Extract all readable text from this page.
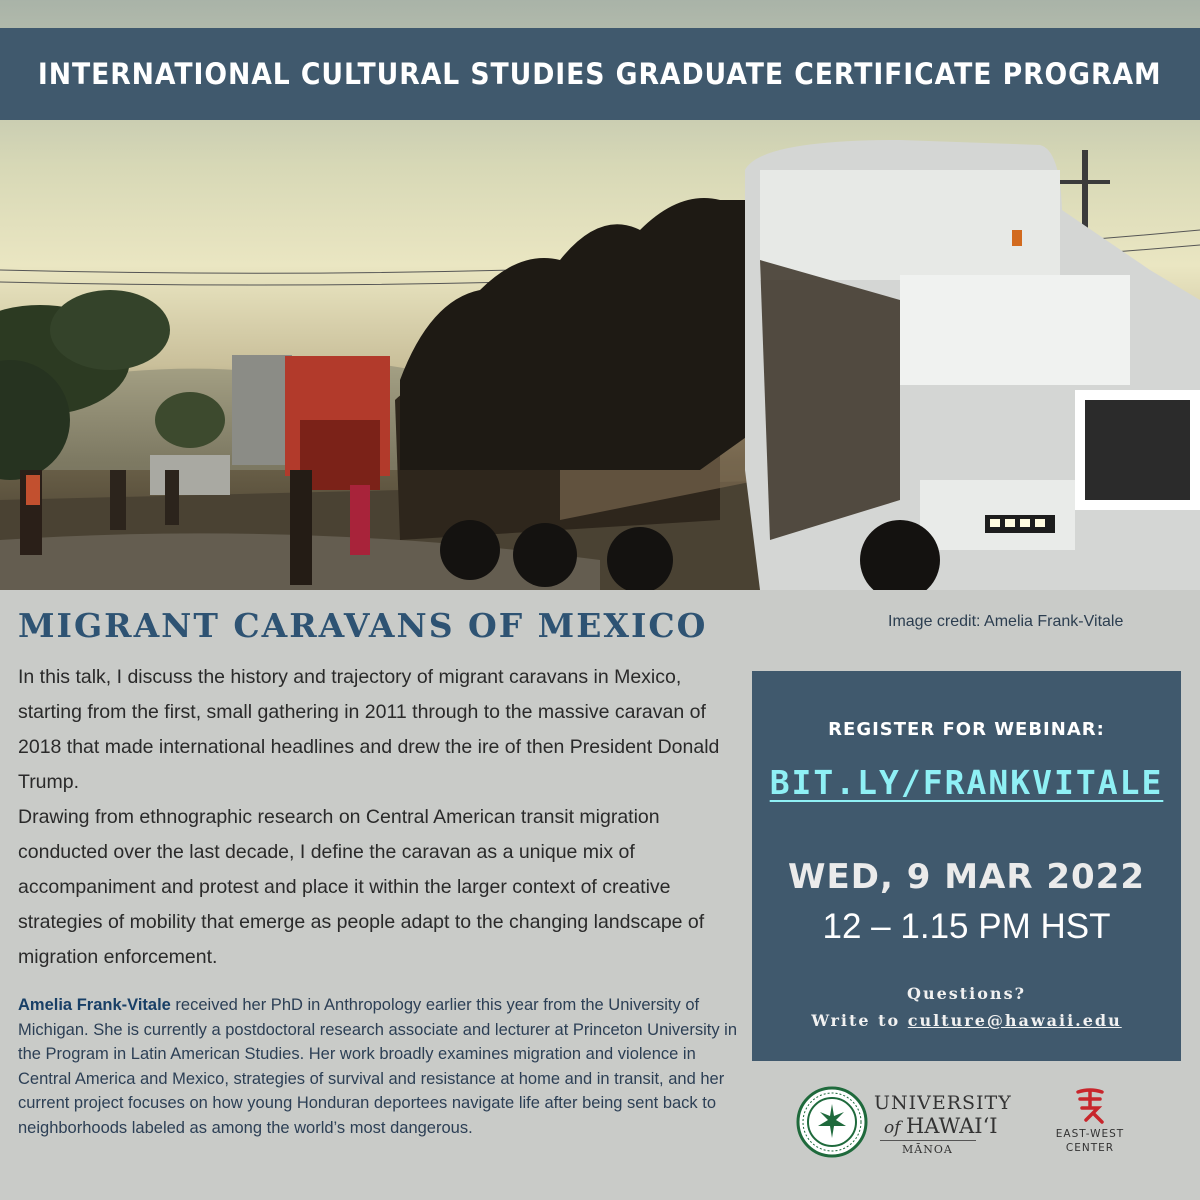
INTERNATIONAL CULTURAL STUDIES GRADUATE CERTIFICATE PROGRAM
MIGRANT CARAVANS OF MEXICO	Image credit: Amelia Frank-Vitale

In this talk, I discuss the history and trajectory of migrant caravans in Mexico, starting from the first, small gathering in 2011 through to the massive caravan of 2018 that made international headlines and drew the ire of then President Donald Trump.

Drawing from ethnographic research on Central American transit migration conducted over the last decade, I define the caravan as a unique mix of accompaniment and protest and place it within the larger context of creative strategies of mobility that emerge as people adapt to the changing landscape of migration enforcement.

Amelia Frank-Vitale received her PhD in Anthropology earlier this year from the University of Michigan. She is currently a postdoctoral research associate and lecturer at Princeton University in the Program in Latin American Studies. Her work broadly examines migration and violence in Central America and Mexico, strategies of survival and resistance at home and in transit, and her current project focuses on how young Honduran deportees navigate life after being sent back to neighborhoods labeled as among the world’s most dangerous.
REGISTER FOR WEBINAR:
BIT.LY/FRANKVITALE
WED, 9 MAR 2022
12 – 1.15 PM HST
Questions?
Write to culture@hawaii.edu
UNIVERSITY
of HAWAIʻI
MĀNOA
EAST-WEST
CENTER
